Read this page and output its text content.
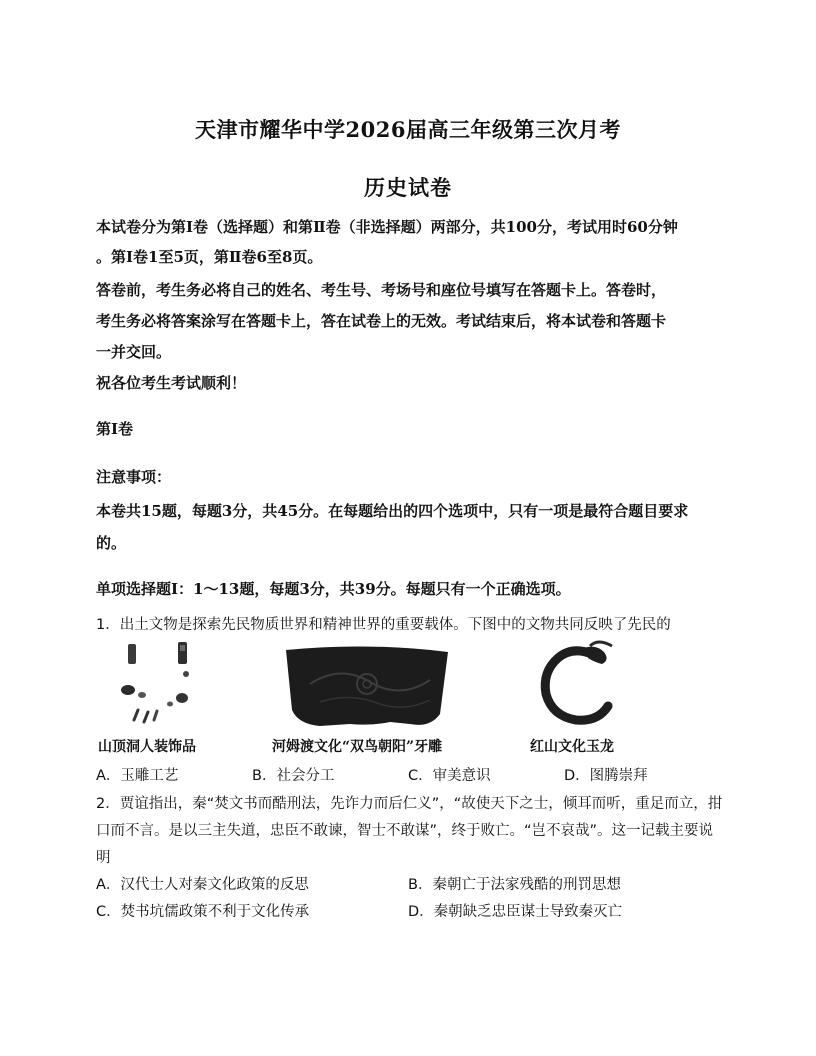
天津市耀华中学2026届高三年级第三次月考
历史试卷
本试卷分为第Ⅰ卷（选择题）和第Ⅱ卷（非选择题）两部分，共100分，考试用时60分钟
。第Ⅰ卷1至5页，第Ⅱ卷6至8页。
答卷前，考生务必将自己的姓名、考生号、考场号和座位号填写在答题卡上。答卷时，
考生务必将答案涂写在答题卡上，答在试卷上的无效。考试结束后，将本试卷和答题卡
一并交回。
祝各位考生考试顺利！
第Ⅰ卷
注意事项：
本卷共15题，每题3分，共45分。在每题给出的四个选项中，只有一项是最符合题目要求
的。
单项选择题Ⅰ：1～13题，每题3分，共39分。每题只有一个正确选项。
1．出土文物是探索先民物质世界和精神世界的重要载体。下图中的文物共同反映了先民的
山顶洞人装饰品	河姆渡文化“双鸟朝阳”牙雕	红山文化玉龙
A．玉雕工艺	B．社会分工	C．审美意识	D．图腾崇拜
2．贾谊指出，秦“焚文书而酷刑法，先诈力而后仁义”，“故使天下之士，倾耳而听，重足而立，拑
口而不言。是以三主失道，忠臣不敢谏，智士不敢谋”，终于败亡。“岂不哀哉”。这一记载主要说
明
A．汉代士人对秦文化政策的反思	B．秦朝亡于法家残酷的刑罚思想
C．焚书坑儒政策不利于文化传承	D．秦朝缺乏忠臣谋士导致秦灭亡
